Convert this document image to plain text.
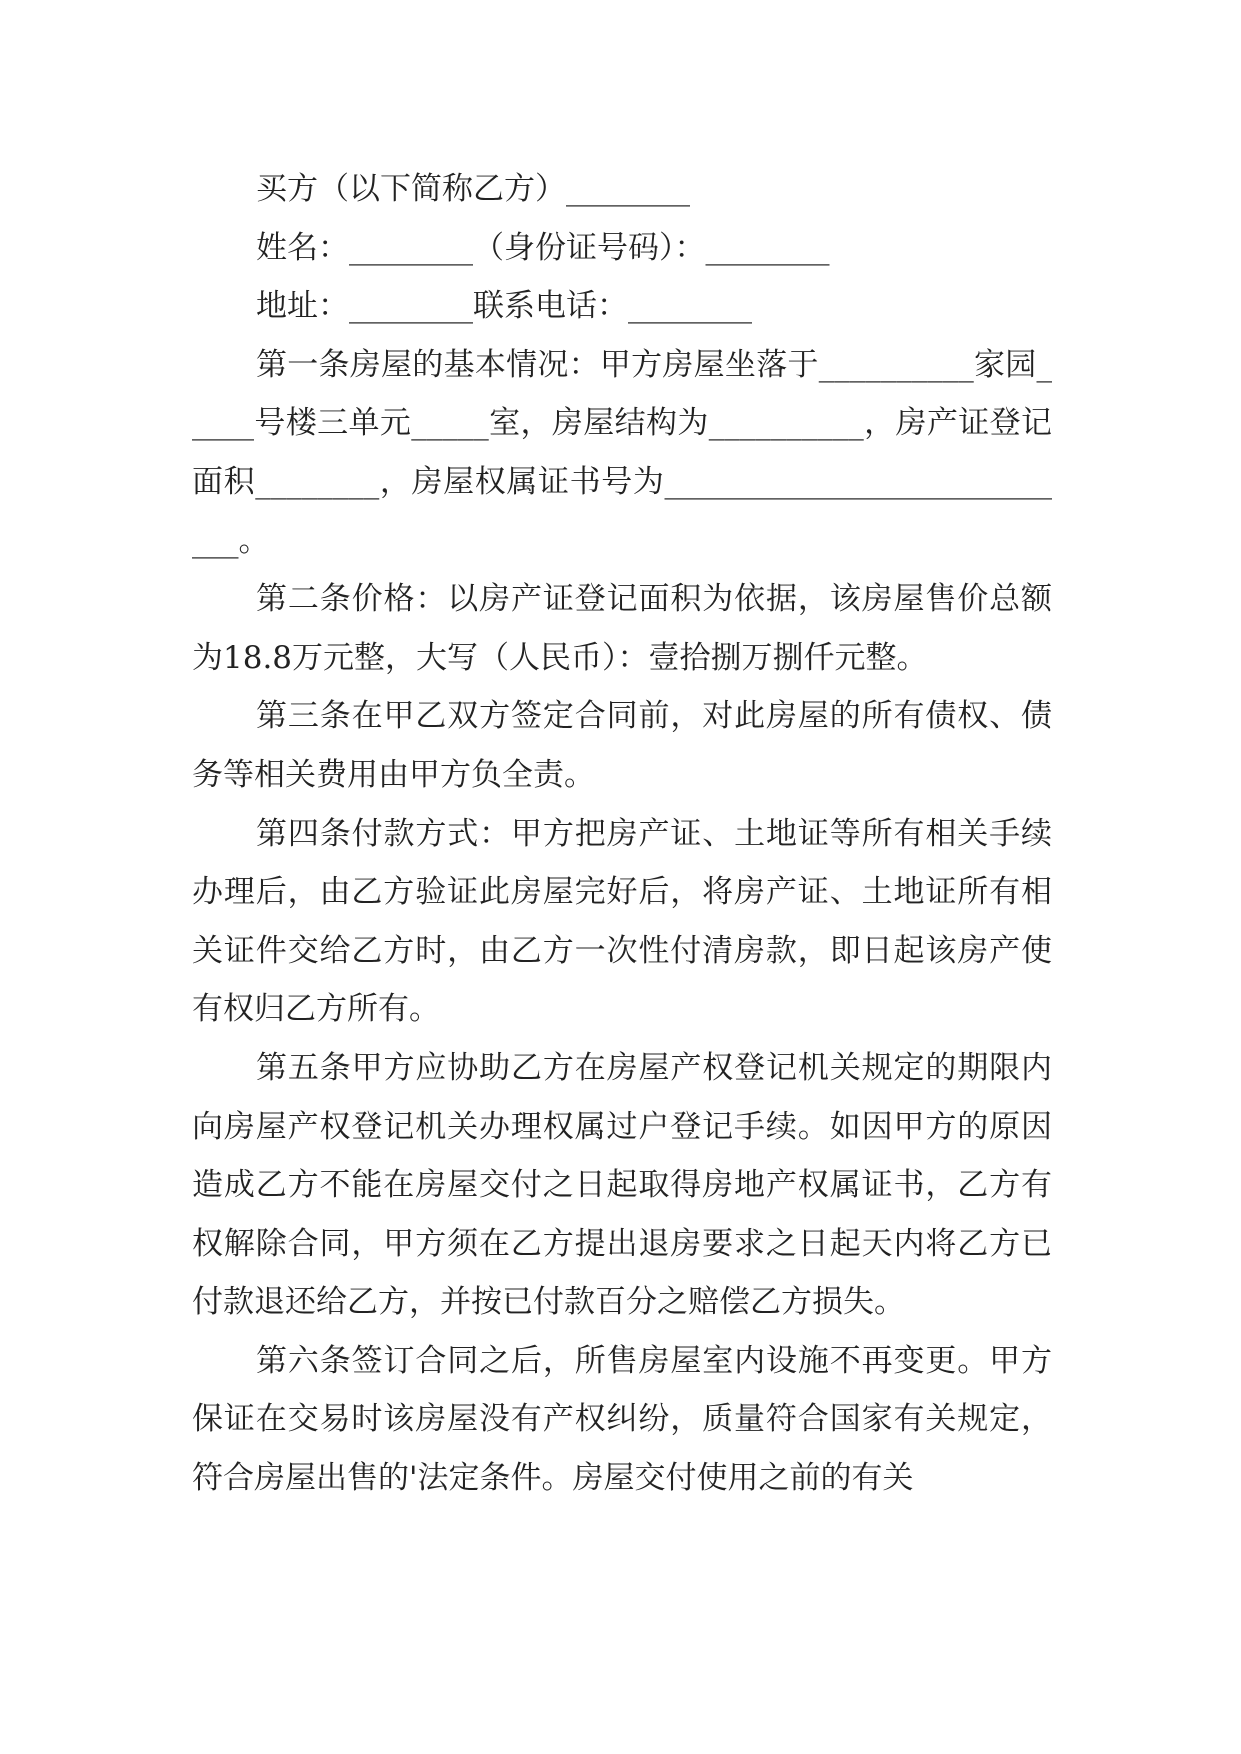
买方（以下简称乙方）________

姓名：________（身份证号码）：________

地址：________联系电话：________

第一条房屋的基本情况：甲方房屋坐落于__________家园_____号楼三单元_____室，房屋结构为__________，房产证登记面积________，房屋权属证书号为____________________________。

第二条价格：以房产证登记面积为依据，该房屋售价总额为18.8万元整，大写（人民币）：壹拾捌万捌仟元整。

第三条在甲乙双方签定合同前，对此房屋的所有债权、债务等相关费用由甲方负全责。

第四条付款方式：甲方把房产证、土地证等所有相关手续办理后，由乙方验证此房屋完好后，将房产证、土地证所有相关证件交给乙方时，由乙方一次性付清房款，即日起该房产使有权归乙方所有。

第五条甲方应协助乙方在房屋产权登记机关规定的期限内向房屋产权登记机关办理权属过户登记手续。如因甲方的原因造成乙方不能在房屋交付之日起取得房地产权属证书，乙方有权解除合同，甲方须在乙方提出退房要求之日起天内将乙方已付款退还给乙方，并按已付款百分之赔偿乙方损失。

第六条签订合同之后，所售房屋室内设施不再变更。甲方保证在交易时该房屋没有产权纠纷，质量符合国家有关规定，符合房屋出售的'法定条件。房屋交付使用之前的有关
